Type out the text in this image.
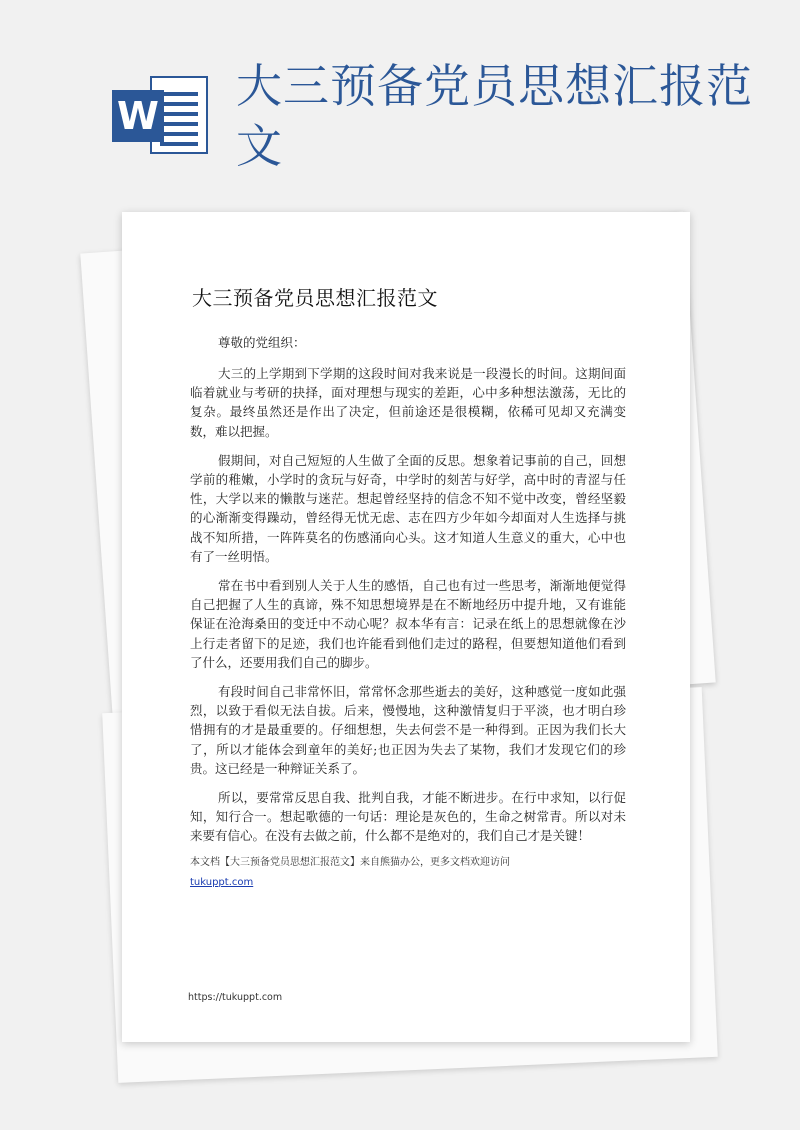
W
大三预备党员思想汇报范文
大三预备党员思想汇报范文

尊敬的党组织：

大三的上学期到下学期的这段时间对我来说是一段漫长的时间。这期间面临着就业与考研的抉择，面对理想与现实的差距，心中多种想法激荡，无比的复杂。最终虽然还是作出了决定，但前途还是很模糊，依稀可见却又充满变数，难以把握。

假期间，对自己短短的人生做了全面的反思。想象着记事前的自己，回想学前的稚嫩，小学时的贪玩与好奇，中学时的刻苦与好学，高中时的青涩与任性，大学以来的懒散与迷茫。想起曾经坚持的信念不知不觉中改变，曾经坚毅的心渐渐变得躁动，曾经得无忧无虑、志在四方少年如今却面对人生选择与挑战不知所措，一阵阵莫名的伤感涌向心头。这才知道人生意义的重大，心中也有了一丝明悟。

常在书中看到别人关于人生的感悟，自己也有过一些思考，渐渐地便觉得自己把握了人生的真谛，殊不知思想境界是在不断地经历中提升地，又有谁能保证在沧海桑田的变迁中不动心呢？叔本华有言：记录在纸上的思想就像在沙上行走者留下的足迹，我们也许能看到他们走过的路程，但要想知道他们看到了什么，还要用我们自己的脚步。

有段时间自己非常怀旧，常常怀念那些逝去的美好，这种感觉一度如此强烈，以致于看似无法自拔。后来，慢慢地，这种激情复归于平淡，也才明白珍惜拥有的才是最重要的。仔细想想，失去何尝不是一种得到。正因为我们长大了，所以才能体会到童年的美好;也正因为失去了某物，我们才发现它们的珍贵。这已经是一种辩证关系了。

所以，要常常反思自我、批判自我，才能不断进步。在行中求知，以行促知，知行合一。想起歌德的一句话：理论是灰色的，生命之树常青。所以对未来要有信心。在没有去做之前，什么都不是绝对的，我们自己才是关键！

本文档【大三预备党员思想汇报范文】来自熊猫办公，更多文档欢迎访问

tukuppt.com
https://tukuppt.com
